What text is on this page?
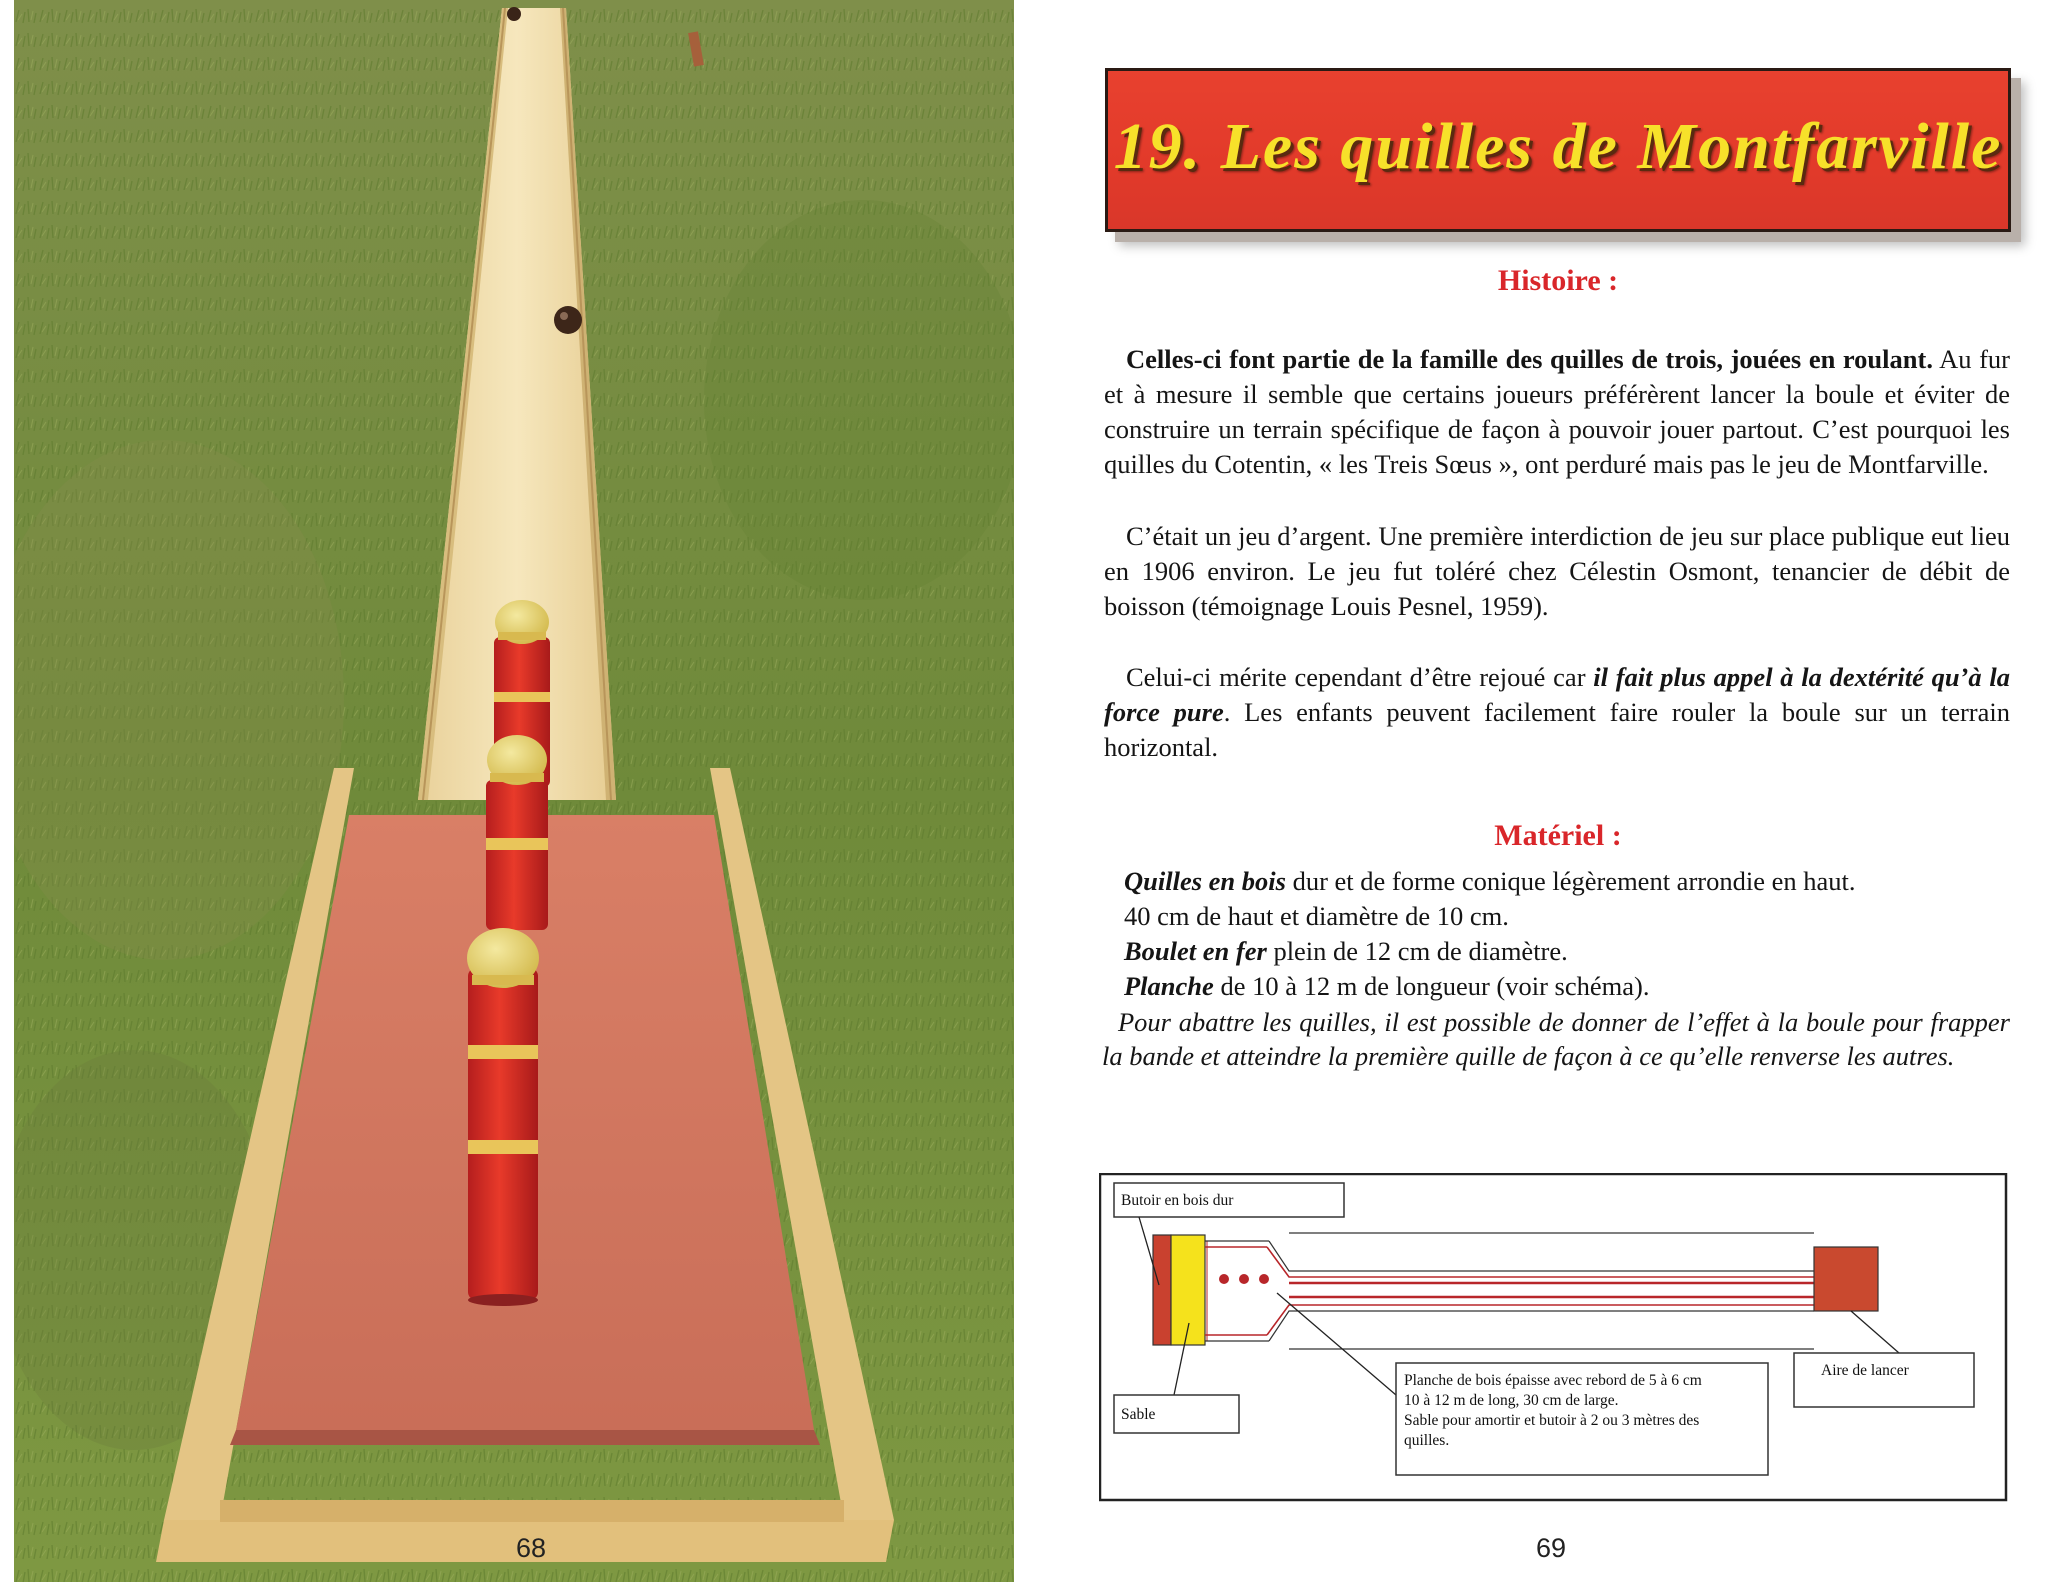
68
19. Les quilles de Montfarville
Histoire :
Celles-ci font partie de la famille des quilles de trois, jouées en roulant. Au fur et à mesure il semble que certains joueurs préférèrent lancer la boule et éviter de construire un terrain spécifique de façon à pouvoir jouer partout. C’est pourquoi les quilles du Cotentin, « les Treis Sœus », ont perduré mais pas le jeu de Montfarville.
C’était un jeu d’argent. Une première interdiction de jeu sur place publique eut lieu en 1906 environ. Le jeu fut toléré chez Célestin Osmont, tenancier de débit de boisson (témoignage Louis Pesnel, 1959).
Celui-ci mérite cependant d’être rejoué car il fait plus appel à la dextérité qu’à la force pure. Les enfants peuvent facilement faire rouler la boule sur un terrain horizontal.
Matériel :
Quilles en bois dur et de forme conique légèrement arrondie en haut.
40 cm de haut et diamètre de 10 cm.
Boulet en fer plein de 12 cm de diamètre.
Planche de 10 à 12 m de longueur (voir schéma).
Pour abattre les quilles, il est possible de donner de l’effet à la boule pour frapper la bande et atteindre la première quille de façon à ce qu’elle renverse les autres.
Butoir en bois dur
Sable
Planche de bois épaisse avec rebord de 5 à 6 cm 10 à 12 m de long, 30 cm de large. Sable pour amortir et butoir à 2 ou 3 mètres des quilles.
Aire de lancer
69
